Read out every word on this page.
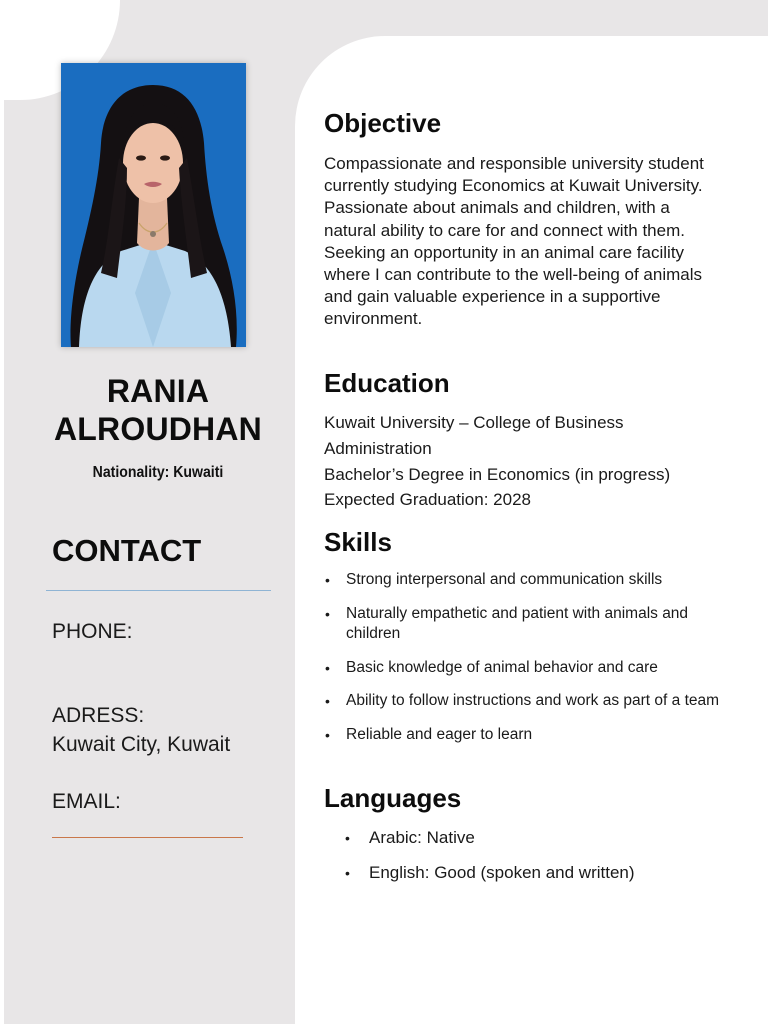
RANIA
ALROUDHAN
Nationality: Kuwaiti
CONTACT
PHONE:
ADRESS:
Kuwait City, Kuwait
EMAIL:
Objective
Compassionate and responsible university student currently studying Economics at Kuwait University. Passionate about animals and children, with a natural ability to care for and connect with them. Seeking an opportunity in an animal care facility where I can contribute to the well-being of animals and gain valuable experience in a supportive environment.
Education
Kuwait University – College of Business
Administration
Bachelor’s Degree in Economics (in progress)
Expected Graduation: 2028
Skills
• Strong interpersonal and communication skills
• Naturally empathetic and patient with animals and children
• Basic knowledge of animal behavior and care
• Ability to follow instructions and work as part of a team
• Reliable and eager to learn
Languages
• Arabic: Native
• English: Good (spoken and written)
